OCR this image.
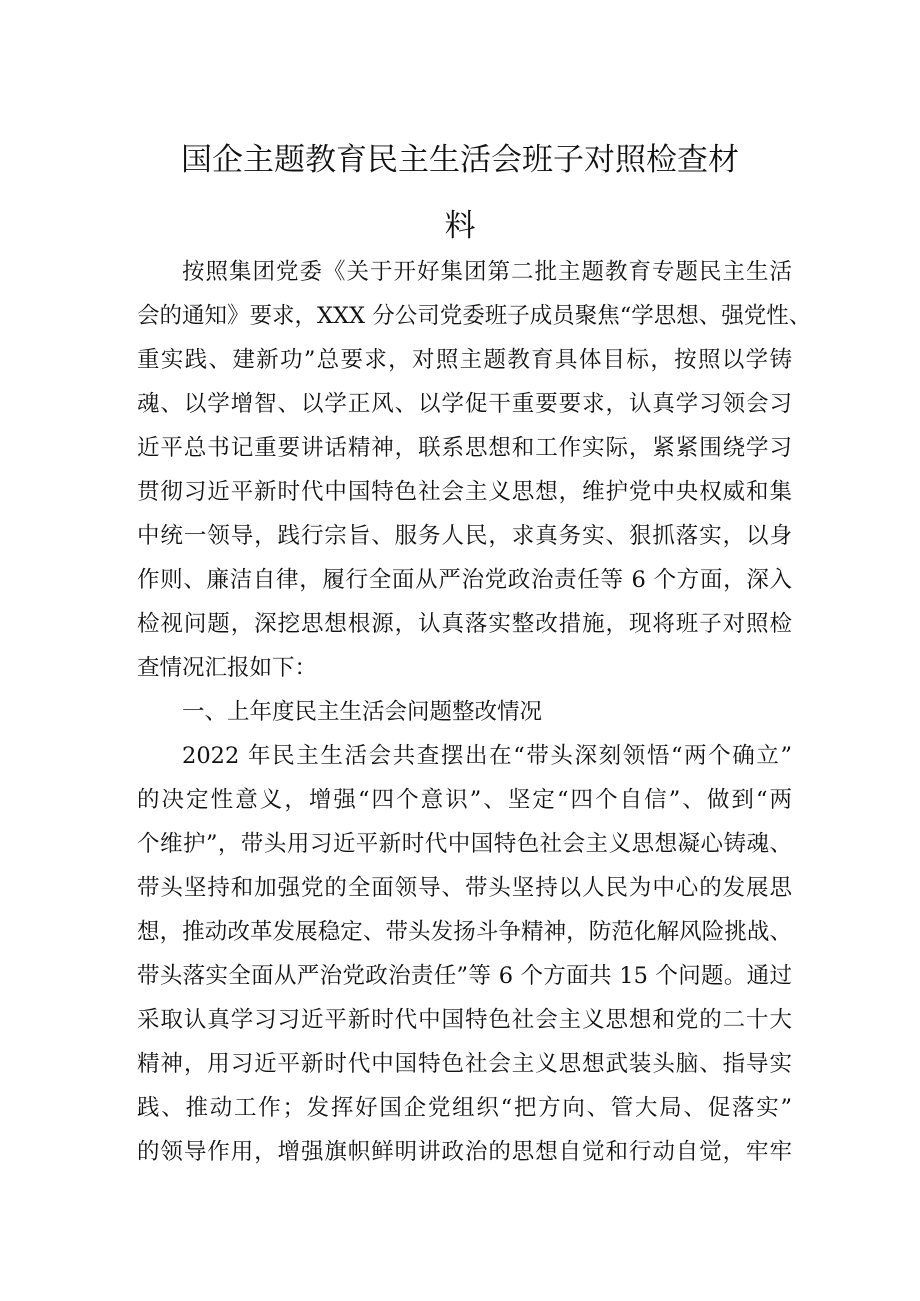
国企主题教育民主生活会班子对照检查材
料
按照集团党委《关于开好集团第二批主题教育专题民主生活
会的通知》要求，XXX 分公司党委班子成员聚焦“学思想、强党性、
重实践、建新功”总要求，对照主题教育具体目标，按照以学铸
魂、以学增智、以学正风、以学促干重要要求，认真学习领会习
近平总书记重要讲话精神，联系思想和工作实际，紧紧围绕学习
贯彻习近平新时代中国特色社会主义思想，维护党中央权威和集
中统一领导，践行宗旨、服务人民，求真务实、狠抓落实，以身
作则、廉洁自律，履行全面从严治党政治责任等 6 个方面，深入
检视问题，深挖思想根源，认真落实整改措施，现将班子对照检
查情况汇报如下：
一、上年度民主生活会问题整改情况
2022 年民主生活会共查摆出在“带头深刻领悟“两个确立”
的决定性意义，增强“四个意识”、坚定“四个自信”、做到“两
个维护”，带头用习近平新时代中国特色社会主义思想凝心铸魂、
带头坚持和加强党的全面领导、带头坚持以人民为中心的发展思
想，推动改革发展稳定、带头发扬斗争精神，防范化解风险挑战、
带头落实全面从严治党政治责任”等 6 个方面共 15 个问题。通过
采取认真学习习近平新时代中国特色社会主义思想和党的二十大
精神，用习近平新时代中国特色社会主义思想武装头脑、指导实
践、推动工作；发挥好国企党组织“把方向、管大局、促落实”
的领导作用，增强旗帜鲜明讲政治的思想自觉和行动自觉，牢牢
